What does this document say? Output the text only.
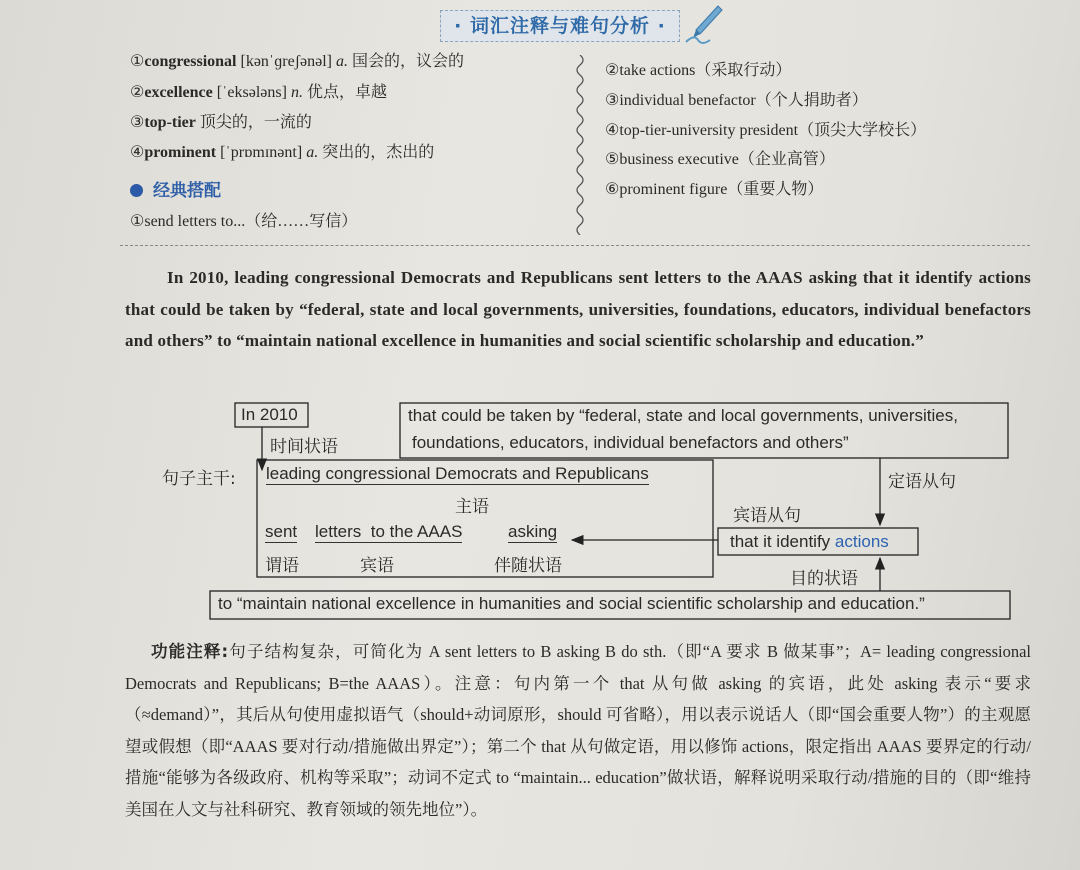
· 词汇注释与难句分析 ·
①congressional [kənˈɡreʃənəl] a. 国会的，议会的
②excellence [ˈeksələns] n. 优点，卓越
③top-tier 顶尖的，一流的
④prominent [ˈprɒmɪnənt] a. 突出的，杰出的
经典搭配
①send letters to...（给……写信）
②take actions（采取行动）
③individual benefactor（个人捐助者）
④top-tier-university president（顶尖大学校长）
⑤business executive（企业高管）
⑥prominent figure（重要人物）
In 2010, leading congressional Democrats and Republicans sent letters to the AAAS asking that it identify actions that could be taken by “federal, state and local governments, universities, foundations, educators, individual benefactors and others” to “maintain national excellence in humanities and social scientific scholarship and education.”
In 2010
时间状语
句子主干: leading congressional Democrats and Republicans
主语
sent letters  to the AAAS	asking
谓语	宾语	伴随状语
that could be taken by “federal, state and local governments, universities,
foundations, educators, individual benefactors and others”
定语从句
宾语从句
that it identify actions
目的状语
to “maintain national excellence in humanities and social scientific scholarship and education.”
功能注释:句子结构复杂，可简化为 A sent letters to B asking B do sth.（即“A 要求 B 做某事”；A= leading congressional Democrats and Republicans; B=the AAAS）。注意：句内第一个 that 从句做 asking 的宾语，此处 asking 表示“要求（≈demand）”，其后从句使用虚拟语气（should+动词原形，should 可省略），用以表示说话人（即“国会重要人物”）的主观愿望或假想（即“AAAS 要对行动/措施做出界定”）；第二个 that 从句做定语，用以修饰 actions，限定指出 AAAS 要界定的行动/措施“能够为各级政府、机构等采取”；动词不定式 to “maintain... education”做状语，解释说明采取行动/措施的目的（即“维持美国在人文与社科研究、教育领域的领先地位”）。
